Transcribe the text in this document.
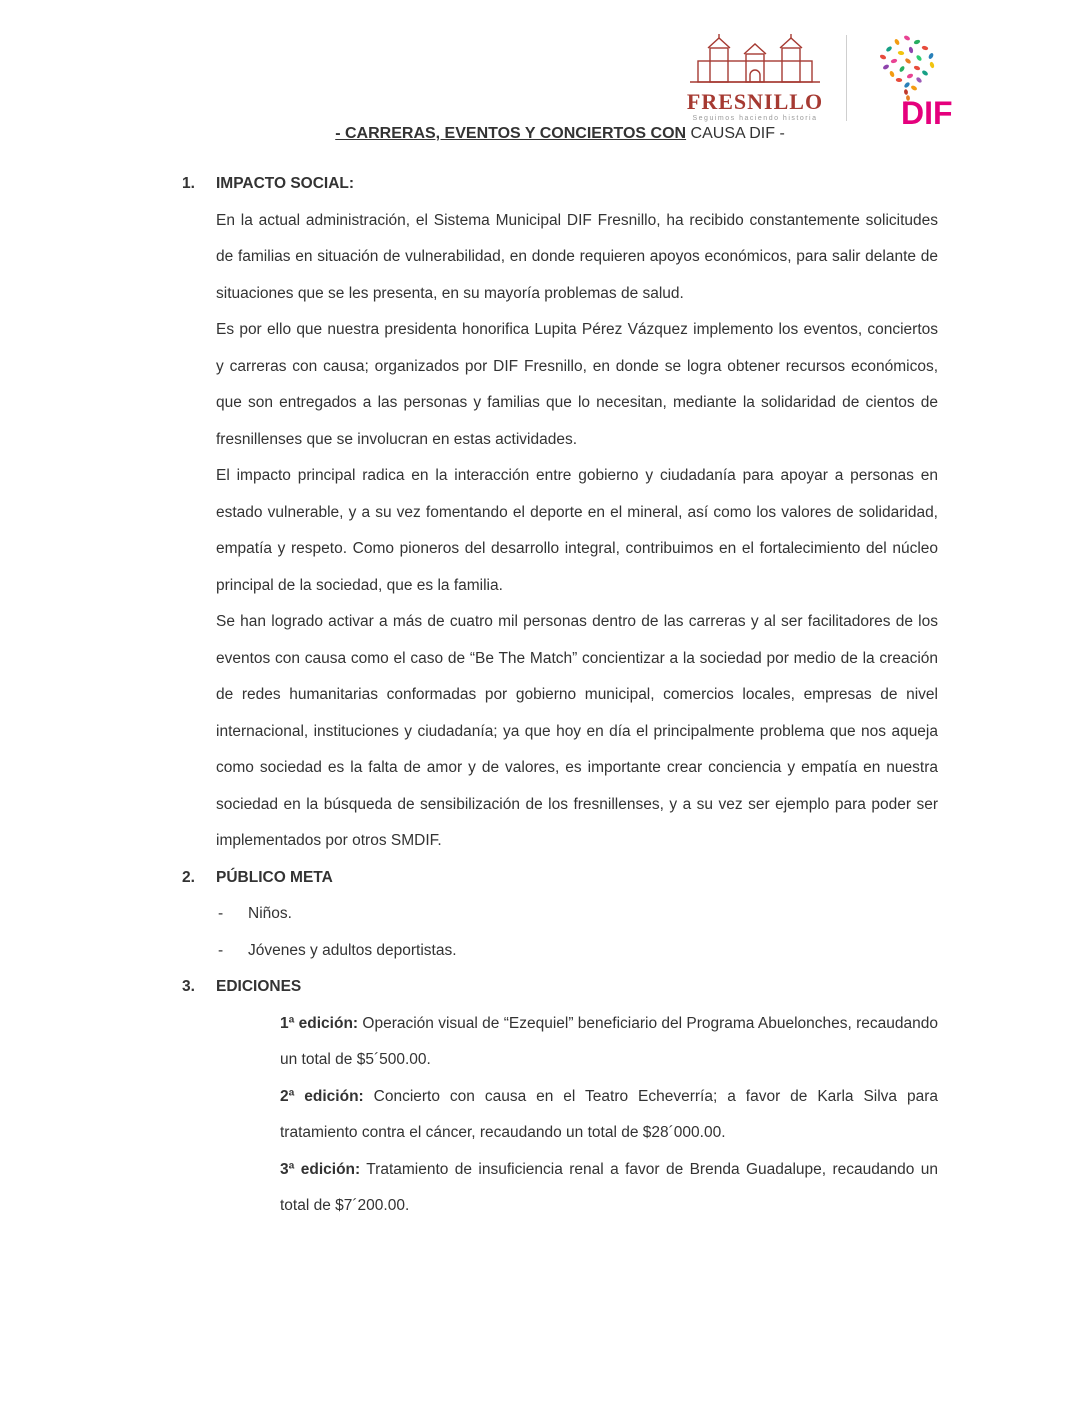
FRESNILLO
Seguimos haciendo historia	DIF
- CARRERAS, EVENTOS Y CONCIERTOS CON CAUSA DIF -

1.	IMPACTO SOCIAL:

En la actual administración, el Sistema Municipal DIF Fresnillo, ha recibido constantemente solicitudes de familias en situación de vulnerabilidad, en donde requieren apoyos económicos, para salir delante de situaciones que se les presenta, en su mayoría problemas de salud.

Es por ello que nuestra presidenta honorifica Lupita Pérez Vázquez implemento los eventos, conciertos y carreras con causa; organizados por DIF Fresnillo, en donde se logra obtener recursos económicos, que son entregados a las personas y familias que lo necesitan, mediante la solidaridad de cientos de fresnillenses que se involucran en estas actividades.

El impacto principal radica en la interacción entre gobierno y ciudadanía para apoyar a personas en estado vulnerable, y a su vez fomentando el deporte en el mineral, así como los valores de solidaridad, empatía y respeto. Como pioneros del desarrollo integral, contribuimos en el fortalecimiento del núcleo principal de la sociedad, que es la familia.

Se han logrado activar a más de cuatro mil personas dentro de las carreras y al ser facilitadores de los eventos con causa como el caso de “Be The Match” concientizar a la sociedad por medio de la creación de redes humanitarias conformadas por gobierno municipal, comercios locales, empresas de nivel internacional, instituciones y ciudadanía; ya que hoy en día el principalmente problema que nos aqueja como sociedad es la falta de amor y de valores, es importante crear conciencia y empatía en nuestra sociedad en la búsqueda de sensibilización de los fresnillenses, y a su vez ser ejemplo para poder ser implementados por otros SMDIF.

2.	PÚBLICO META

-	Niños.
-	Jóvenes y adultos deportistas.

3.	EDICIONES

1ª edición: Operación visual de “Ezequiel” beneficiario del Programa Abuelonches, recaudando un total de $5´500.00.

2ª edición: Concierto con causa en el Teatro Echeverría; a favor de Karla Silva para tratamiento contra el cáncer, recaudando un total de $28´000.00.

3ª edición: Tratamiento de insuficiencia renal a favor de Brenda Guadalupe, recaudando un total de $7´200.00.
